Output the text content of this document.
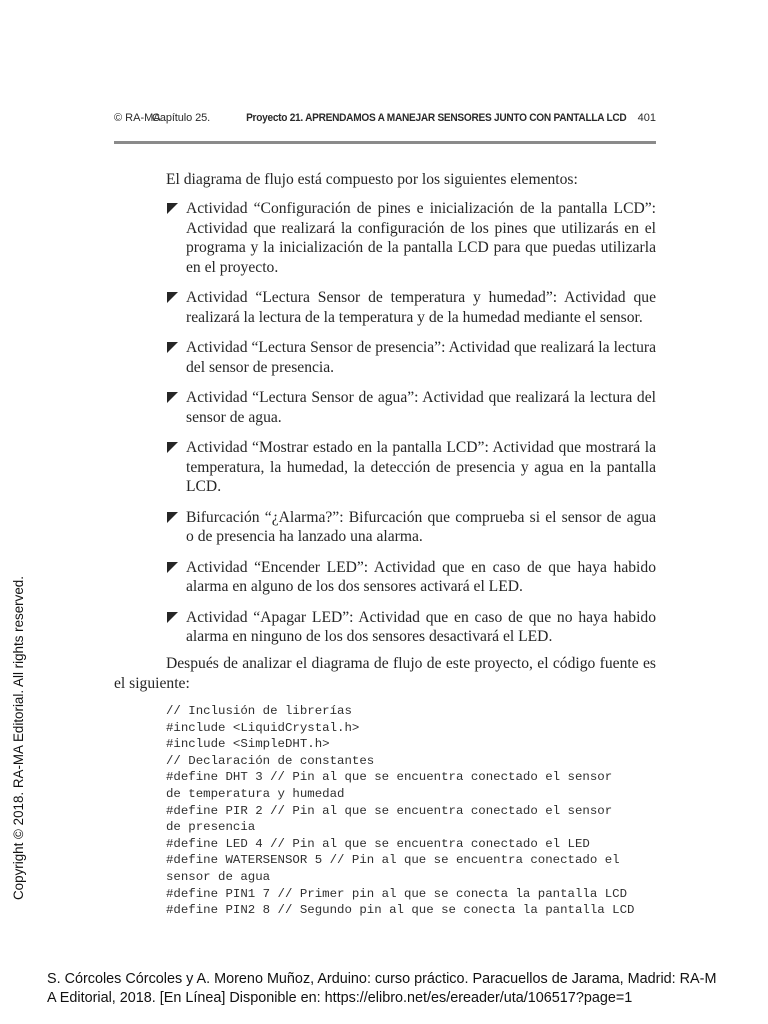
© RA-MA
Capítulo 25.	Proyecto 21. APRENDAMOS A MANEJAR SENSORES JUNTO CON PANTALLA LCD 401

El diagrama de flujo está compuesto por los siguientes elementos:

Actividad “Configuración de pines e inicialización de la pantalla LCD”: Actividad que realizará la configuración de los pines que utilizarás en el programa y la inicialización de la pantalla LCD para que puedas utilizarla en el proyecto.
Actividad “Lectura Sensor de temperatura y humedad”: Actividad que realizará la lectura de la temperatura y de la humedad mediante el sensor.
Actividad “Lectura Sensor de presencia”: Actividad que realizará la lectura del sensor de presencia.
Actividad “Lectura Sensor de agua”: Actividad que realizará la lectura del sensor de agua.
Actividad “Mostrar estado en la pantalla LCD”: Actividad que mostrará la temperatura, la humedad, la detección de presencia y agua en la pantalla LCD.
Bifurcación “¿Alarma?”: Bifurcación que comprueba si el sensor de agua o de presencia ha lanzado una alarma.
Actividad “Encender LED”: Actividad que en caso de que haya habido alarma en alguno de los dos sensores activará el LED.
Actividad “Apagar LED”: Actividad que en caso de que no haya habido alarma en ninguno de los dos sensores desactivará el LED.

Después de analizar el diagrama de flujo de este proyecto, el código fuente es el siguiente:

// Inclusión de librerías
#include <LiquidCrystal.h>
#include <SimpleDHT.h>
// Declaración de constantes
#define DHT 3 // Pin al que se encuentra conectado el sensor
de temperatura y humedad
#define PIR 2 // Pin al que se encuentra conectado el sensor
de presencia
#define LED 4 // Pin al que se encuentra conectado el LED
#define WATERSENSOR 5 // Pin al que se encuentra conectado el
sensor de agua
#define PIN1 7 // Primer pin al que se conecta la pantalla LCD
#define PIN2 8 // Segundo pin al que se conecta la pantalla LCD
Copyright © 2018. RA-MA Editorial. All rights reserved.

S. Córcoles Córcoles y A. Moreno Muñoz, Arduino: curso práctico. Paracuellos de Jarama, Madrid: RA-M
A Editorial, 2018. [En Línea] Disponible en: https://elibro.net/es/ereader/uta/106517?page=1
